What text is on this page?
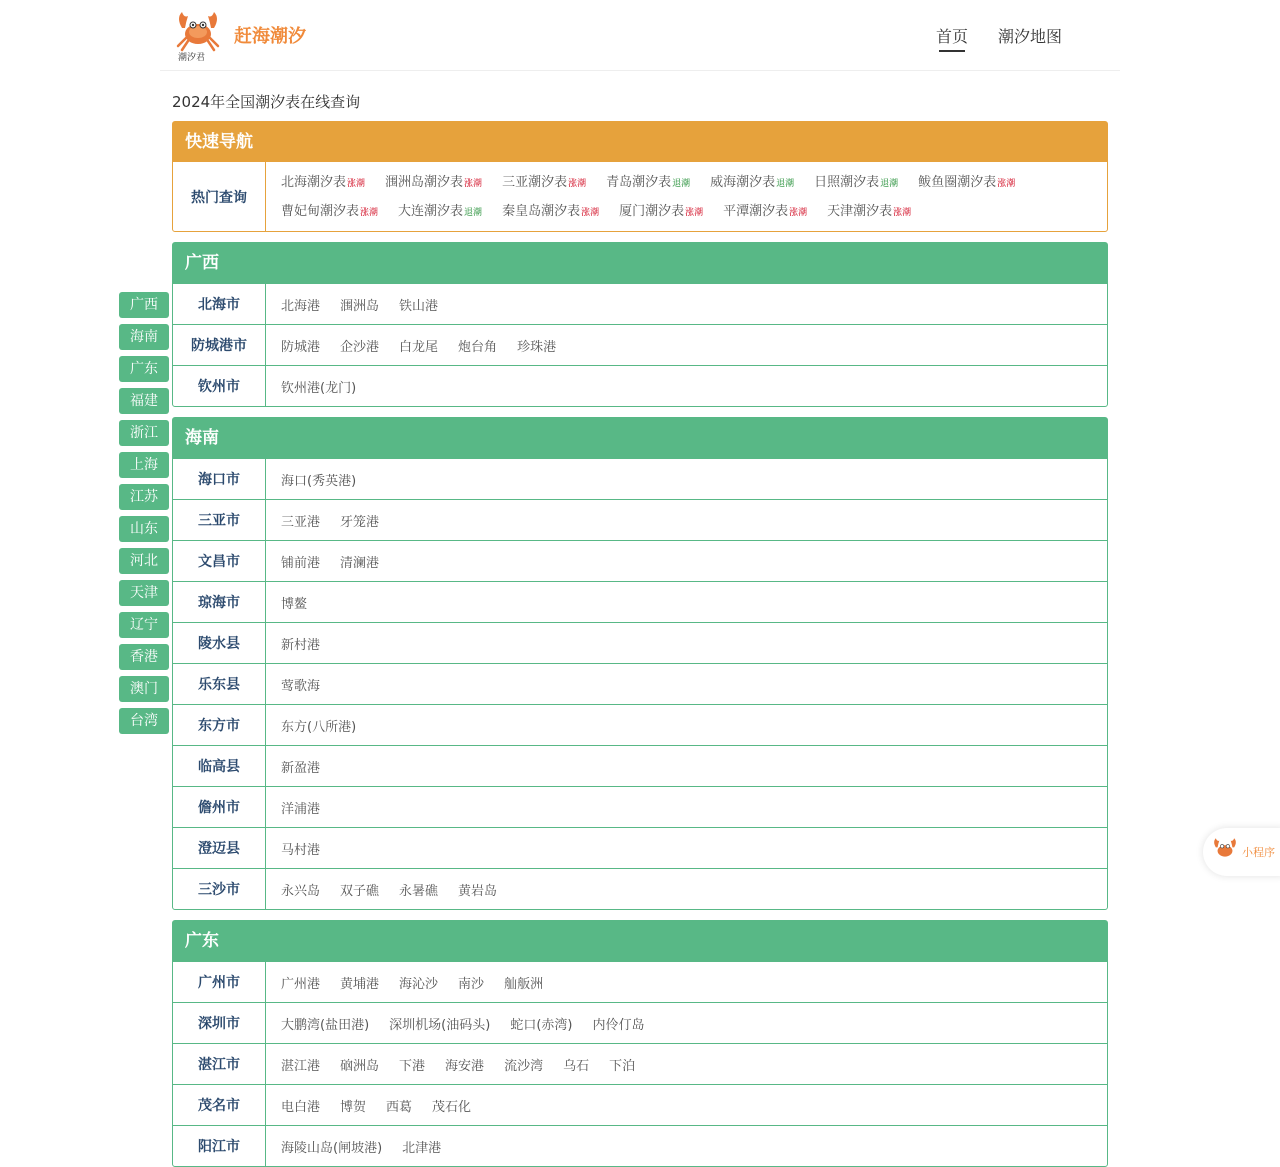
潮汐君
赶海潮汐	首页 潮汐地图
2024年全国潮汐表在线查询
广西
海南
广东
福建
浙江
上海
江苏
山东
河北
天津
辽宁
香港
澳门
台湾
快速导航
热门查询
北海潮汐表涨潮 涠洲岛潮汐表涨潮 三亚潮汐表涨潮 青岛潮汐表退潮 威海潮汐表退潮 日照潮汐表退潮 鲅鱼圈潮汐表涨潮
曹妃甸潮汐表涨潮 大连潮汐表退潮 秦皇岛潮汐表涨潮 厦门潮汐表涨潮 平潭潮汐表涨潮 天津潮汐表涨潮
广西
北海市	北海港 涠洲岛 铁山港
防城港市	防城港 企沙港 白龙尾 炮台角 珍珠港
钦州市	钦州港(龙门)
海南
海口市	海口(秀英港)
三亚市	三亚港 牙笼港
文昌市	铺前港 清澜港
琼海市	博鳌
陵水县	新村港
乐东县	莺歌海
东方市	东方(八所港)
临高县	新盈港
儋州市	洋浦港
澄迈县	马村港
三沙市	永兴岛 双子礁 永暑礁 黄岩岛
广东
广州市	广州港 黄埔港 海沁沙 南沙 舢舨洲
深圳市	大鹏湾(盐田港) 深圳机场(油码头) 蛇口(赤湾) 内伶仃岛
湛江市	湛江港 硇洲岛 下港 海安港 流沙湾 乌石 下泊
茂名市	电白港 博贺 西葛 茂石化
阳江市	海陵山岛(闸坡港) 北津港
小程序
